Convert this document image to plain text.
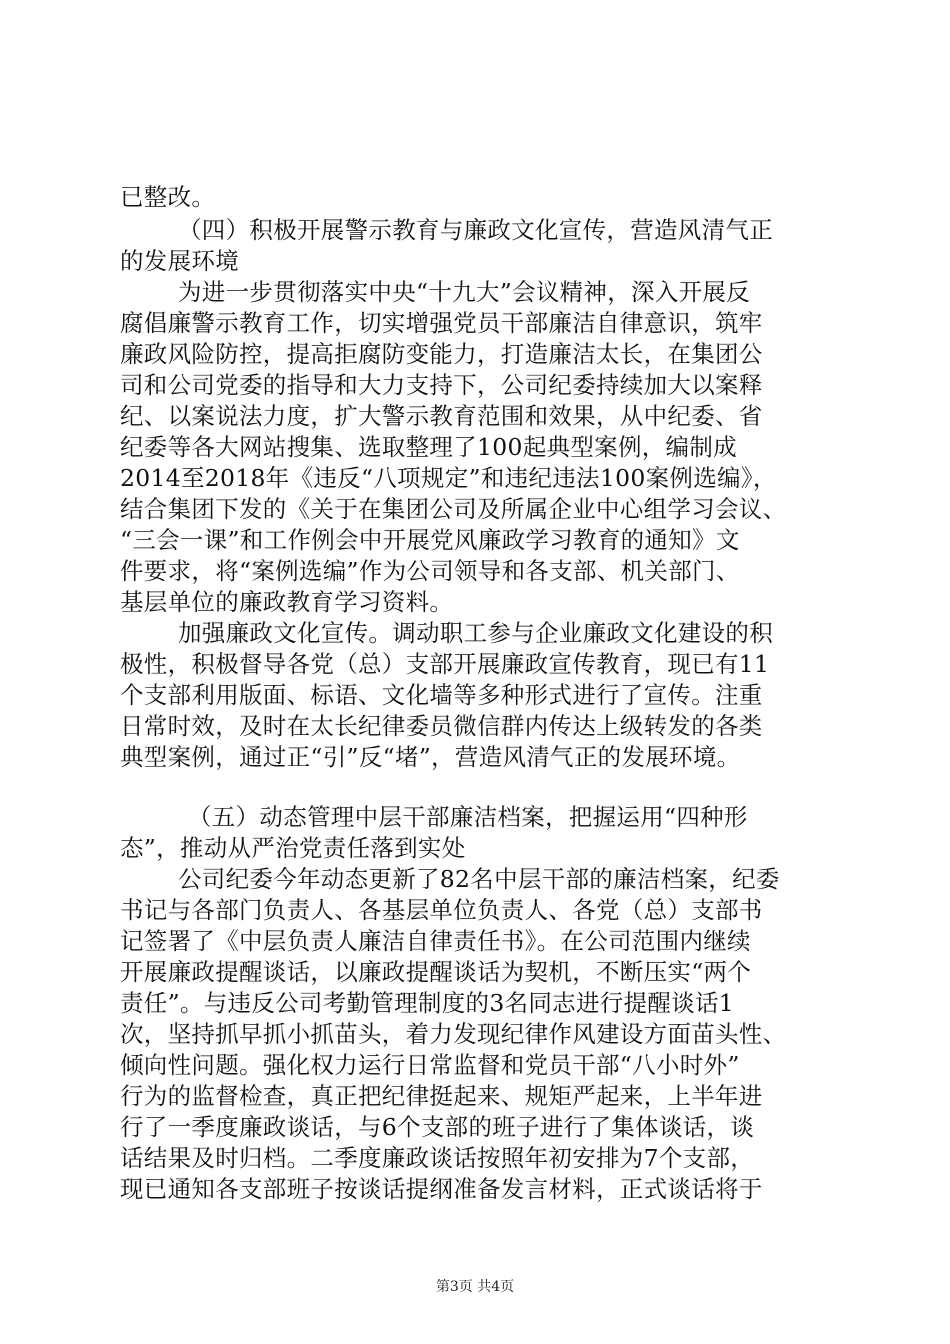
已整改。
（四）积极开展警示教育与廉政文化宣传，营造风清气正
的发展环境
为进一步贯彻落实中央“十九大”会议精神，深入开展反
腐倡廉警示教育工作，切实增强党员干部廉洁自律意识，筑牢
廉政风险防控，提高拒腐防变能力，打造廉洁太长，在集团公
司和公司党委的指导和大力支持下，公司纪委持续加大以案释
纪、以案说法力度，扩大警示教育范围和效果，从中纪委、省
纪委等各大网站搜集、选取整理了100起典型案例，编制成
2014至2018年《违反“八项规定”和违纪违法100案例选编》，
结合集团下发的《关于在集团公司及所属企业中心组学习会议、
“三会一课”和工作例会中开展党风廉政学习教育的通知》文
件要求，将“案例选编”作为公司领导和各支部、机关部门、
基层单位的廉政教育学习资料。
加强廉政文化宣传。调动职工参与企业廉政文化建设的积
极性，积极督导各党（总）支部开展廉政宣传教育，现已有11
个支部利用版面、标语、文化墙等多种形式进行了宣传。注重
日常时效，及时在太长纪律委员微信群内传达上级转发的各类
典型案例，通过正“引”反“堵”，营造风清气正的发展环境。
（五）动态管理中层干部廉洁档案，把握运用“四种形
态”，推动从严治党责任落到实处
公司纪委今年动态更新了82名中层干部的廉洁档案，纪委
书记与各部门负责人、各基层单位负责人、各党（总）支部书
记签署了《中层负责人廉洁自律责任书》。在公司范围内继续
开展廉政提醒谈话，以廉政提醒谈话为契机，不断压实“两个
责任”。与违反公司考勤管理制度的3名同志进行提醒谈话1
次，坚持抓早抓小抓苗头，着力发现纪律作风建设方面苗头性、
倾向性问题。强化权力运行日常监督和党员干部“八小时外”
行为的监督检查，真正把纪律挺起来、规矩严起来，上半年进
行了一季度廉政谈话，与6个支部的班子进行了集体谈话，谈
话结果及时归档。二季度廉政谈话按照年初安排为7个支部，
现已通知各支部班子按谈话提纲准备发言材料，正式谈话将于
第3页 共4页
